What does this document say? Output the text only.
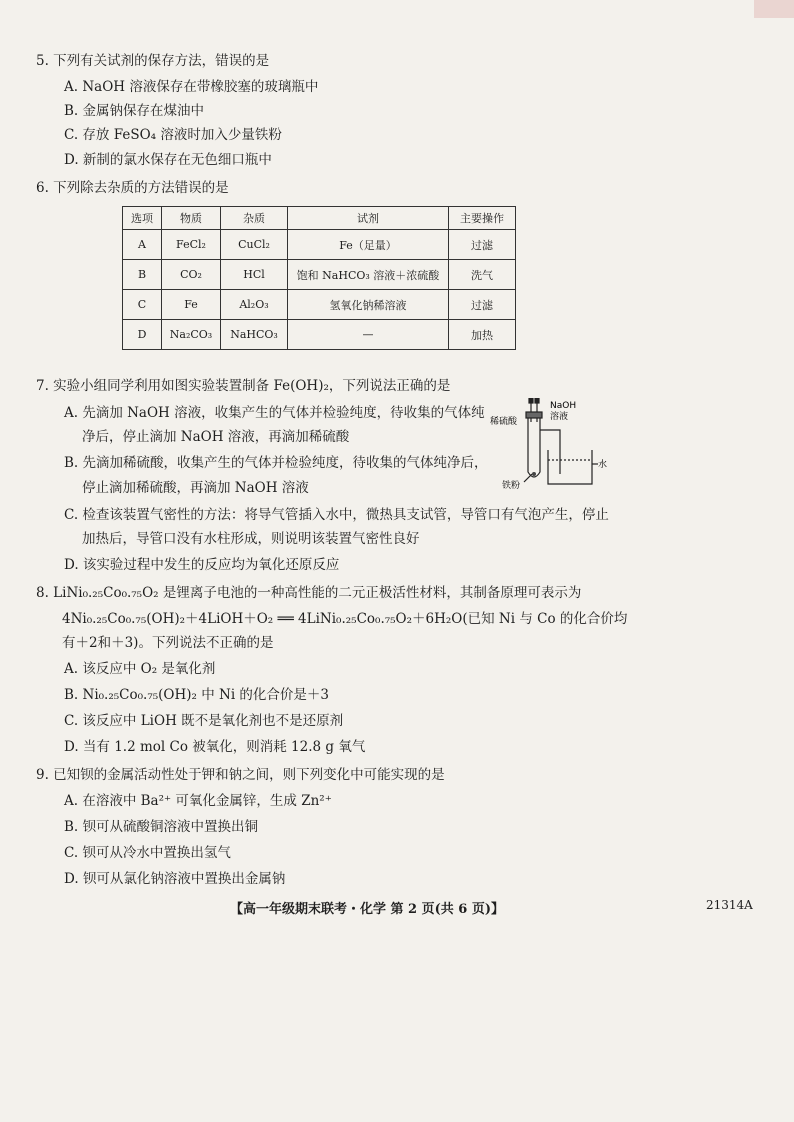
5. 下列有关试剂的保存方法，错误的是
A. NaOH 溶液保存在带橡胶塞的玻璃瓶中
B. 金属钠保存在煤油中
C. 存放 FeSO₄ 溶液时加入少量铁粉
D. 新制的氯水保存在无色细口瓶中
6. 下列除去杂质的方法错误的是
选项	物质	杂质	试剂	主要操作
A	FeCl₂	CuCl₂	Fe（足量）	过滤
B	CO₂	HCl	饱和 NaHCO₃ 溶液＋浓硫酸	洗气
C	Fe	Al₂O₃	氢氧化钠稀溶液	过滤
D	Na₂CO₃	NaHCO₃	—	加热
7. 实验小组同学利用如图实验装置制备 Fe(OH)₂，下列说法正确的是
A. 先滴加 NaOH 溶液，收集产生的气体并检验纯度，待收集的气体纯
净后，停止滴加 NaOH 溶液，再滴加稀硫酸
B. 先滴加稀硫酸，收集产生的气体并检验纯度，待收集的气体纯净后，
停止滴加稀硫酸，再滴加 NaOH 溶液
C. 检查该装置气密性的方法：将导气管插入水中，微热具支试管，导管口有气泡产生，停止
加热后，导管口没有水柱形成，则说明该装置气密性良好
D. 该实验过程中发生的反应均为氧化还原反应
稀硫酸
NaOH
溶液
水
铁粉
8. LiNi₀.₂₅Co₀.₇₅O₂ 是锂离子电池的一种高性能的二元正极活性材料，其制备原理可表示为
4Ni₀.₂₅Co₀.₇₅(OH)₂＋4LiOH＋O₂ ══ 4LiNi₀.₂₅Co₀.₇₅O₂＋6H₂O(已知 Ni 与 Co 的化合价均
有＋2和＋3)。下列说法不正确的是
A. 该反应中 O₂ 是氧化剂
B. Ni₀.₂₅Co₀.₇₅(OH)₂ 中 Ni 的化合价是＋3
C. 该反应中 LiOH 既不是氧化剂也不是还原剂
D. 当有 1.2 mol Co 被氧化，则消耗 12.8 g 氧气
9. 已知钡的金属活动性处于钾和钠之间，则下列变化中可能实现的是
A. 在溶液中 Ba²⁺ 可氧化金属锌，生成 Zn²⁺
B. 钡可从硫酸铜溶液中置换出铜
C. 钡可从冷水中置换出氢气
D. 钡可从氯化钠溶液中置换出金属钠
【高一年级期末联考・化学 第 2 页(共 6 页)】	21314A
